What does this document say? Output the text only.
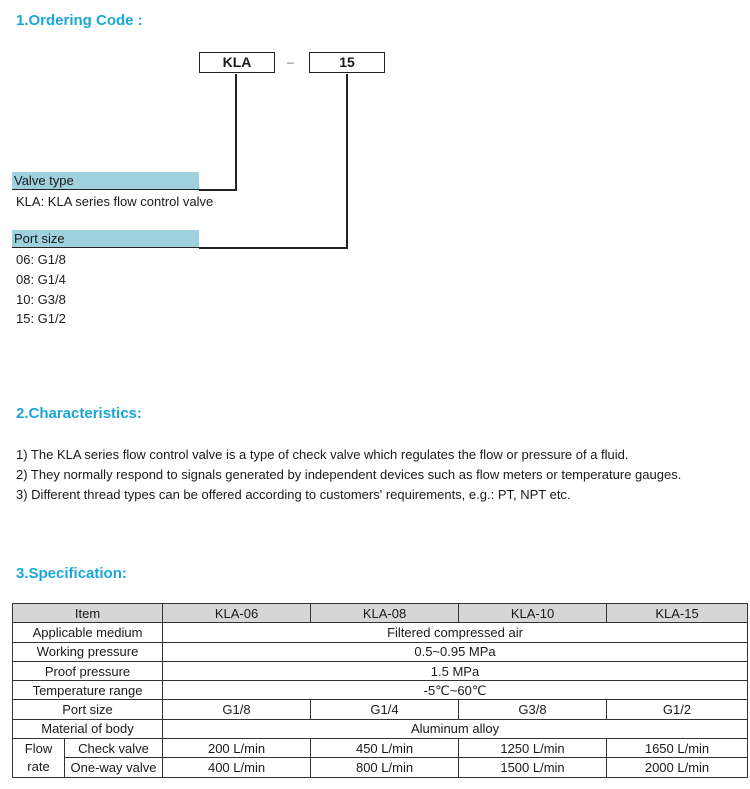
1.Ordering Code :
KLA	–	15
Valve type
KLA: KLA series flow control valve
Port size
06: G1/8
08: G1/4
10: G3/8
15: G1/2
2.Characteristics:
1) The KLA series flow control valve is a type of check valve which regulates the flow or pressure of a fluid.
2) They normally respond to signals generated by independent devices such as flow meters or temperature gauges.
3) Different thread types can be offered according to customers' requirements, e.g.: PT, NPT etc.
3.Specification:
Item		KLA-06	KLA-08	KLA-10	KLA-15
Applicable medium		Filtered compressed air			
Working pressure		0.5~0.95 MPa			
Proof pressure		1.5 MPa			
Temperature range		-5℃~60℃			
Port size		G1/8	G1/4	G3/8	G1/2
Material of body		Aluminum alloy			
Flow
rate	Check valve	200 L/min	450 L/min	1250 L/min	1650 L/min
	One-way valve	400 L/min	800 L/min	1500 L/min	2000 L/min
